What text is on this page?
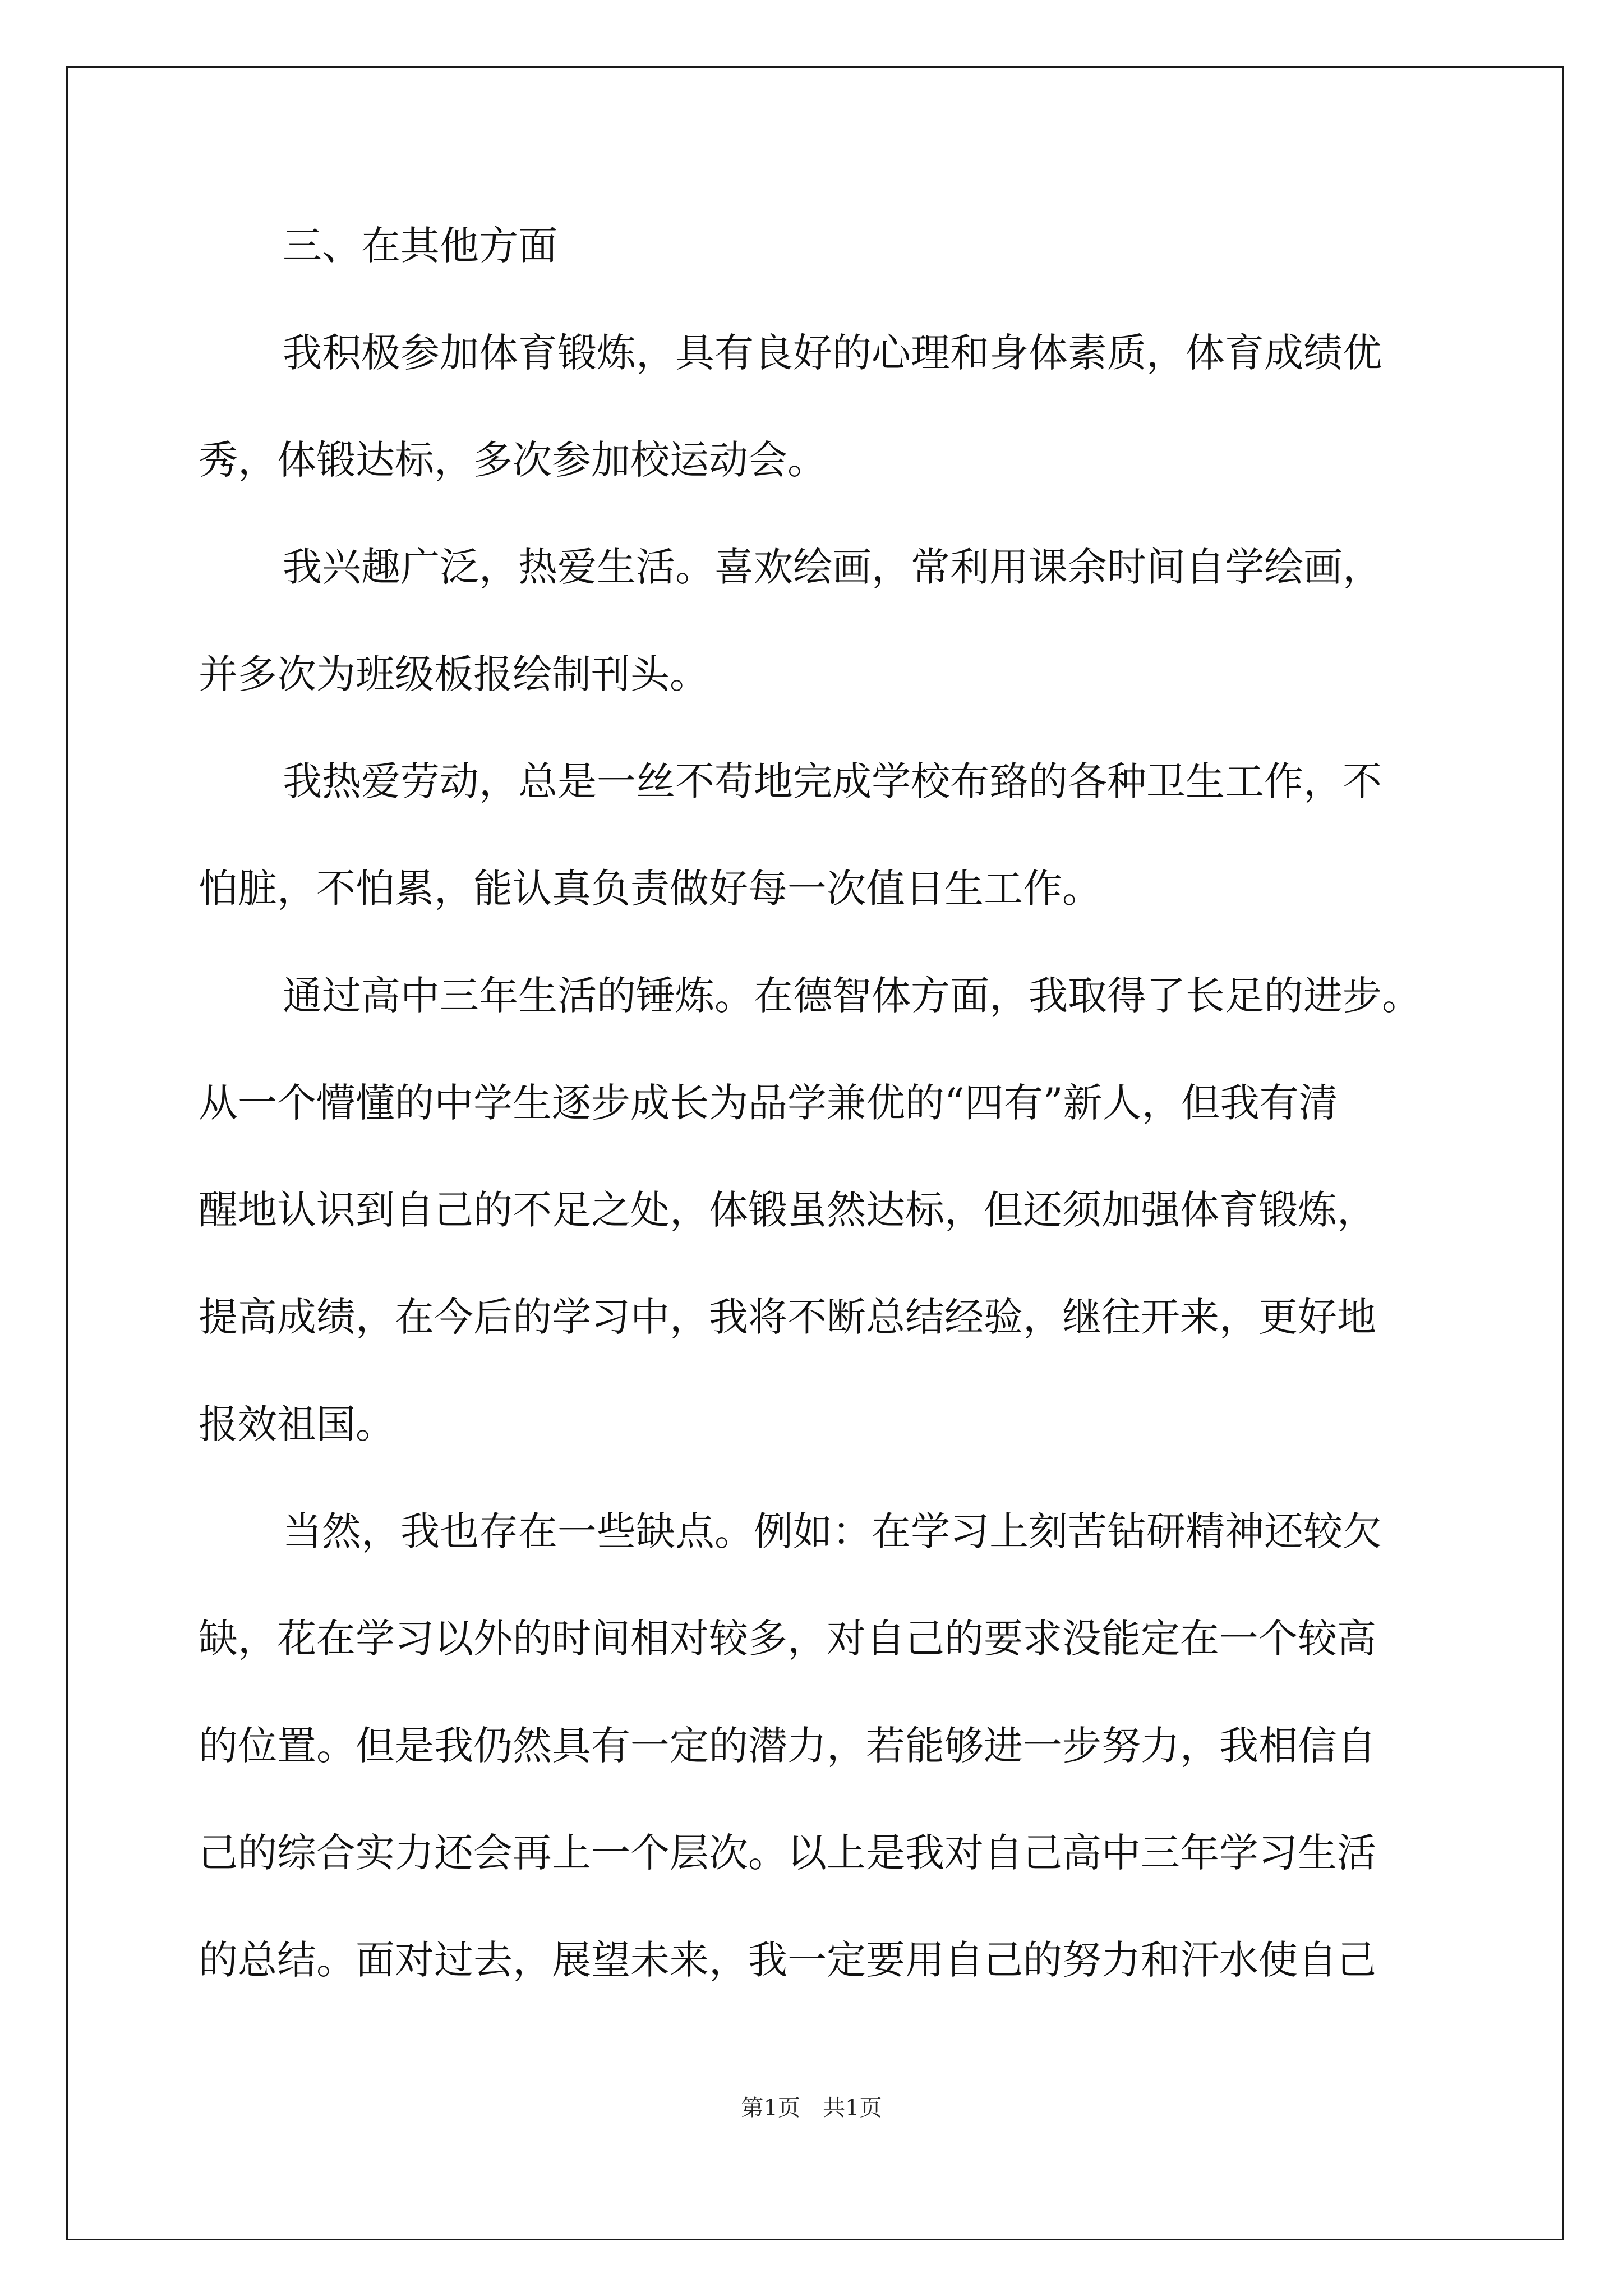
三、在其他方面
我积极参加体育锻炼，具有良好的心理和身体素质，体育成绩优
秀，体锻达标，多次参加校运动会。
我兴趣广泛，热爱生活。喜欢绘画，常利用课余时间自学绘画，
并多次为班级板报绘制刊头。
我热爱劳动，总是一丝不苟地完成学校布臵的各种卫生工作，不
怕脏，不怕累，能认真负责做好每一次值日生工作。
通过高中三年生活的锤炼。在德智体方面，我取得了长足的进步。
从一个懵懂的中学生逐步成长为品学兼优的“四有”新人，但我有清
醒地认识到自己的不足之处，体锻虽然达标，但还须加强体育锻炼，
提高成绩，在今后的学习中，我将不断总结经验，继往开来，更好地
报效祖国。
当然，我也存在一些缺点。例如：在学习上刻苦钻研精神还较欠
缺，花在学习以外的时间相对较多，对自己的要求没能定在一个较高
的位置。但是我仍然具有一定的潜力，若能够进一步努力，我相信自
己的综合实力还会再上一个层次。以上是我对自己高中三年学习生活
的总结。面对过去，展望未来，我一定要用自己的努力和汗水使自己
第1页 共1页
